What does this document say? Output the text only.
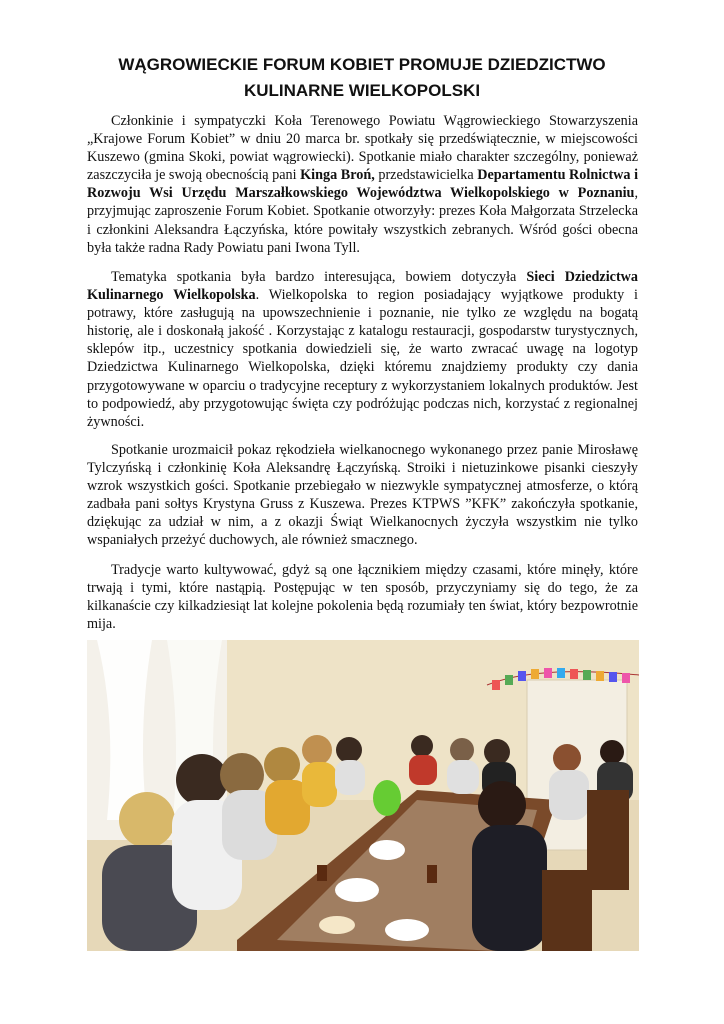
WĄGROWIECKIE FORUM KOBIET PROMUJE DZIEDZICTWO
KULINARNE WIELKOPOLSKI

Członkinie i sympatyczki Koła Terenowego Powiatu Wągrowieckiego Stowarzyszenia „Krajowe Forum Kobiet” w dniu 20 marca br. spotkały się przedświątecznie, w miejscowości Kuszewo (gmina Skoki, powiat wągrowiecki). Spotkanie miało charakter szczególny, ponieważ zaszczyciła je swoją obecnością pani Kinga Broń, przedstawicielka Departamentu Rolnictwa i Rozwoju Wsi Urzędu Marszałkowskiego Województwa Wielkopolskiego w Poznaniu, przyjmując zaproszenie Forum Kobiet. Spotkanie otworzyły: prezes Koła Małgorzata Strzelecka i członkini Aleksandra Łączyńska, które powitały wszystkich zebranych. Wśród gości obecna była także radna Rady Powiatu pani Iwona Tyll.

Tematyka spotkania była bardzo interesująca, bowiem dotyczyła Sieci Dziedzictwa Kulinarnego Wielkopolska. Wielkopolska to region posiadający wyjątkowe produkty i potrawy, które zasługują na upowszechnienie i poznanie, nie tylko ze względu na bogatą historię, ale i doskonałą jakość . Korzystając z katalogu restauracji, gospodarstw turystycznych, sklepów itp., uczestnicy spotkania dowiedzieli się, że warto zwracać uwagę na logotyp Dziedzictwa Kulinarnego Wielkopolska, dzięki któremu znajdziemy produkty czy dania przygotowywane w oparciu o tradycyjne receptury z wykorzystaniem lokalnych produktów. Jest to podpowiedź, aby przygotowując święta czy podróżując podczas nich, korzystać z regionalnej żywności.

Spotkanie urozmaicił pokaz rękodzieła wielkanocnego wykonanego przez panie Mirosławę Tylczyńską i członkinię Koła Aleksandrę Łączyńską. Stroiki i nietuzinkowe pisanki cieszyły wzrok wszystkich gości. Spotkanie przebiegało w niezwykle sympatycznej atmosferze, o którą zadbała pani sołtys Krystyna Gruss z Kuszewa. Prezes KTPWS ”KFK” zakończyła spotkanie, dziękując za udział w nim, a z okazji Świąt Wielkanocnych życzyła wszystkim nie tylko wspaniałych przeżyć duchowych, ale również smacznego.

Tradycje warto kultywować, gdyż są one łącznikiem między czasami, które minęły, które trwają i tymi, które nastąpią. Postępując w ten sposób, przyczyniamy się do tego, że za kilkanaście czy kilkadziesiąt lat kolejne pokolenia będą rozumiały ten świat, który bezpowrotnie mija.
